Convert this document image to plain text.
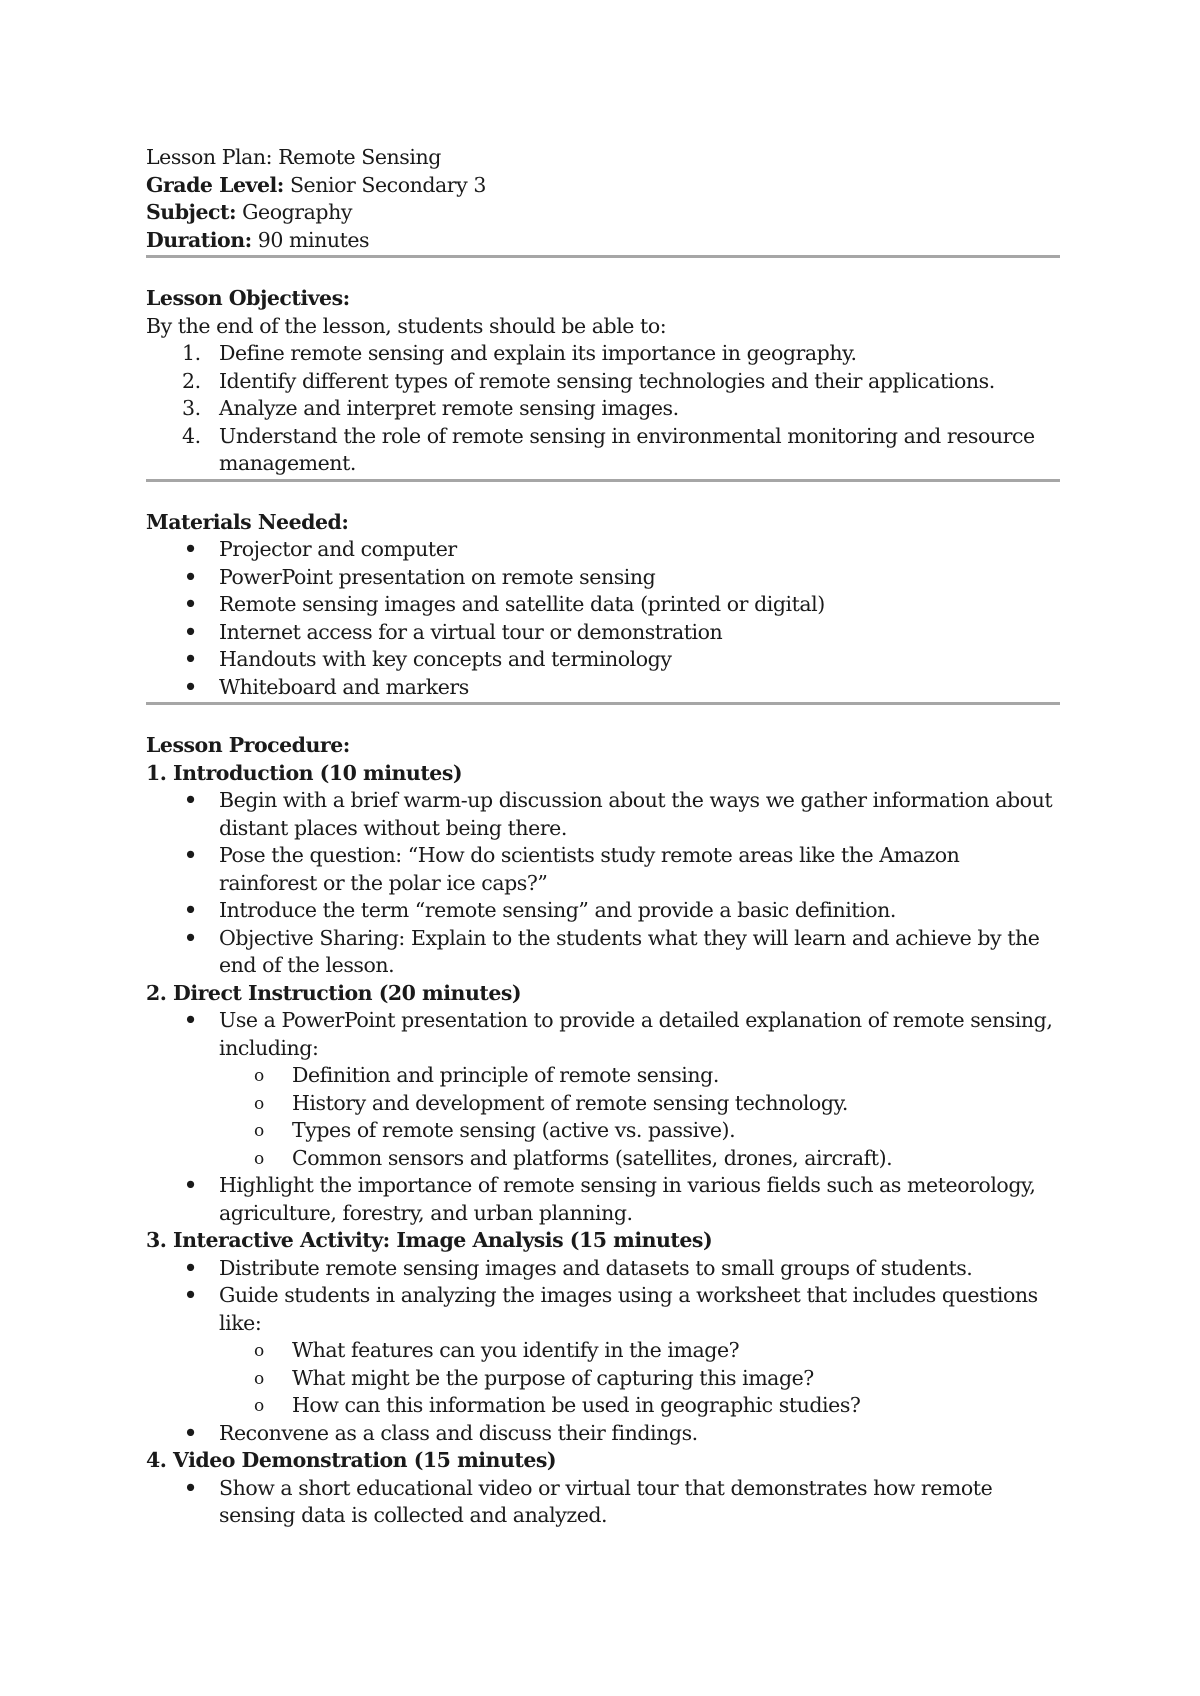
Lesson Plan: Remote Sensing
Grade Level: Senior Secondary 3
Subject: Geography
Duration: 90 minutes
Lesson Objectives:
By the end of the lesson, students should be able to:
1. Define remote sensing and explain its importance in geography.
2. Identify different types of remote sensing technologies and their applications.
3. Analyze and interpret remote sensing images.
4. Understand the role of remote sensing in environmental monitoring and resource management.
Materials Needed:
• Projector and computer
• PowerPoint presentation on remote sensing
• Remote sensing images and satellite data (printed or digital)
• Internet access for a virtual tour or demonstration
• Handouts with key concepts and terminology
• Whiteboard and markers
Lesson Procedure:
1. Introduction (10 minutes)
• Begin with a brief warm-up discussion about the ways we gather information about distant places without being there.
• Pose the question: “How do scientists study remote areas like the Amazon rainforest or the polar ice caps?”
• Introduce the term “remote sensing” and provide a basic definition.
• Objective Sharing: Explain to the students what they will learn and achieve by the end of the lesson.
2. Direct Instruction (20 minutes)
• Use a PowerPoint presentation to provide a detailed explanation of remote sensing, including:
o Definition and principle of remote sensing.
o History and development of remote sensing technology.
o Types of remote sensing (active vs. passive).
o Common sensors and platforms (satellites, drones, aircraft).
• Highlight the importance of remote sensing in various fields such as meteorology, agriculture, forestry, and urban planning.
3. Interactive Activity: Image Analysis (15 minutes)
• Distribute remote sensing images and datasets to small groups of students.
• Guide students in analyzing the images using a worksheet that includes questions like:
o What features can you identify in the image?
o What might be the purpose of capturing this image?
o How can this information be used in geographic studies?
• Reconvene as a class and discuss their findings.
4. Video Demonstration (15 minutes)
• Show a short educational video or virtual tour that demonstrates how remote sensing data is collected and analyzed.
